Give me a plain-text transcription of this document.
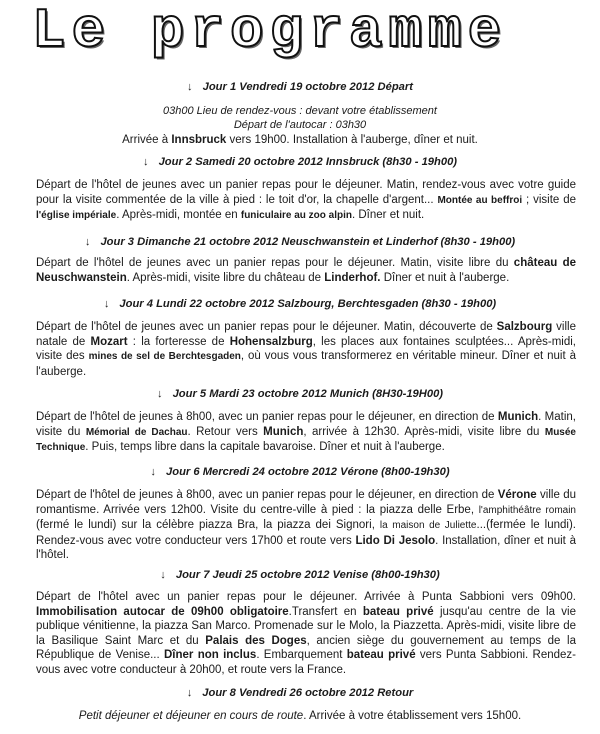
Le programme
↓ Jour 1 Vendredi 19 octobre 2012 Départ
03h00 Lieu de rendez-vous : devant votre établissement
Départ de l'autocar : 03h30
Arrivée à Innsbruck vers 19h00. Installation à l'auberge, dîner et nuit.
↓ Jour 2 Samedi 20 octobre 2012 Innsbruck (8h30 - 19h00)

Départ de l'hôtel de jeunes avec un panier repas pour le déjeuner. Matin, rendez-vous avec votre guide pour la visite commentée de la ville à pied : le toit d'or, la chapelle d'argent... Montée au beffroi ; visite de l'église impériale. Après-midi, montée en funiculaire au zoo alpin. Dîner et nuit.

↓ Jour 3 Dimanche 21 octobre 2012 Neuschwanstein et Linderhof (8h30 - 19h00)

Départ de l'hôtel de jeunes avec un panier repas pour le déjeuner. Matin, visite libre du château de Neuschwanstein. Après-midi, visite libre du château de Linderhof. Dîner et nuit à l'auberge.

↓ Jour 4 Lundi 22 octobre 2012 Salzbourg, Berchtesgaden (8h30 - 19h00)

Départ de l'hôtel de jeunes avec un panier repas pour le déjeuner. Matin, découverte de Salzbourg ville natale de Mozart : la forteresse de Hohensalzburg, les places aux fontaines sculptées... Après-midi, visite des mines de sel de Berchtesgaden, où vous vous transformerez en véritable mineur. Dîner et nuit à l'auberge.

↓ Jour 5 Mardi 23 octobre 2012 Munich (8H30-19H00)

Départ de l'hôtel de jeunes à 8h00, avec un panier repas pour le déjeuner, en direction de Munich. Matin, visite du Mémorial de Dachau. Retour vers Munich, arrivée à 12h30. Après-midi, visite libre du Musée Technique. Puis, temps libre dans la capitale bavaroise. Dîner et nuit à l'auberge.

↓ Jour 6 Mercredi 24 octobre 2012 Vérone (8h00-19h30)

Départ de l'hôtel de jeunes à 8h00, avec un panier repas pour le déjeuner, en direction de Vérone ville du romantisme. Arrivée vers 12h00. Visite du centre-ville à pied : la piazza delle Erbe, l'amphithéâtre romain (fermé le lundi) sur la célèbre piazza Bra, la piazza dei Signori, la maison de Juliette...(fermée le lundi). Rendez-vous avec votre conducteur vers 17h00 et route vers Lido Di Jesolo. Installation, dîner et nuit à l'hôtel.

↓ Jour 7 Jeudi 25 octobre 2012 Venise (8h00-19h30)

Départ de l'hôtel avec un panier repas pour le déjeuner. Arrivée à Punta Sabbioni vers 09h00. Immobilisation autocar de 09h00 obligatoire.Transfert en bateau privé jusqu'au centre de la vie publique vénitienne, la piazza San Marco. Promenade sur le Molo, la Piazzetta. Après-midi, visite libre de la Basilique Saint Marc et du Palais des Doges, ancien siège du gouvernement au temps de la République de Venise... Dîner non inclus. Embarquement bateau privé vers Punta Sabbioni. Rendez-vous avec votre conducteur à 20h00, et route vers la France.

↓ Jour 8 Vendredi 26 octobre 2012 Retour
Petit déjeuner et déjeuner en cours de route. Arrivée à votre établissement vers 15h00.
